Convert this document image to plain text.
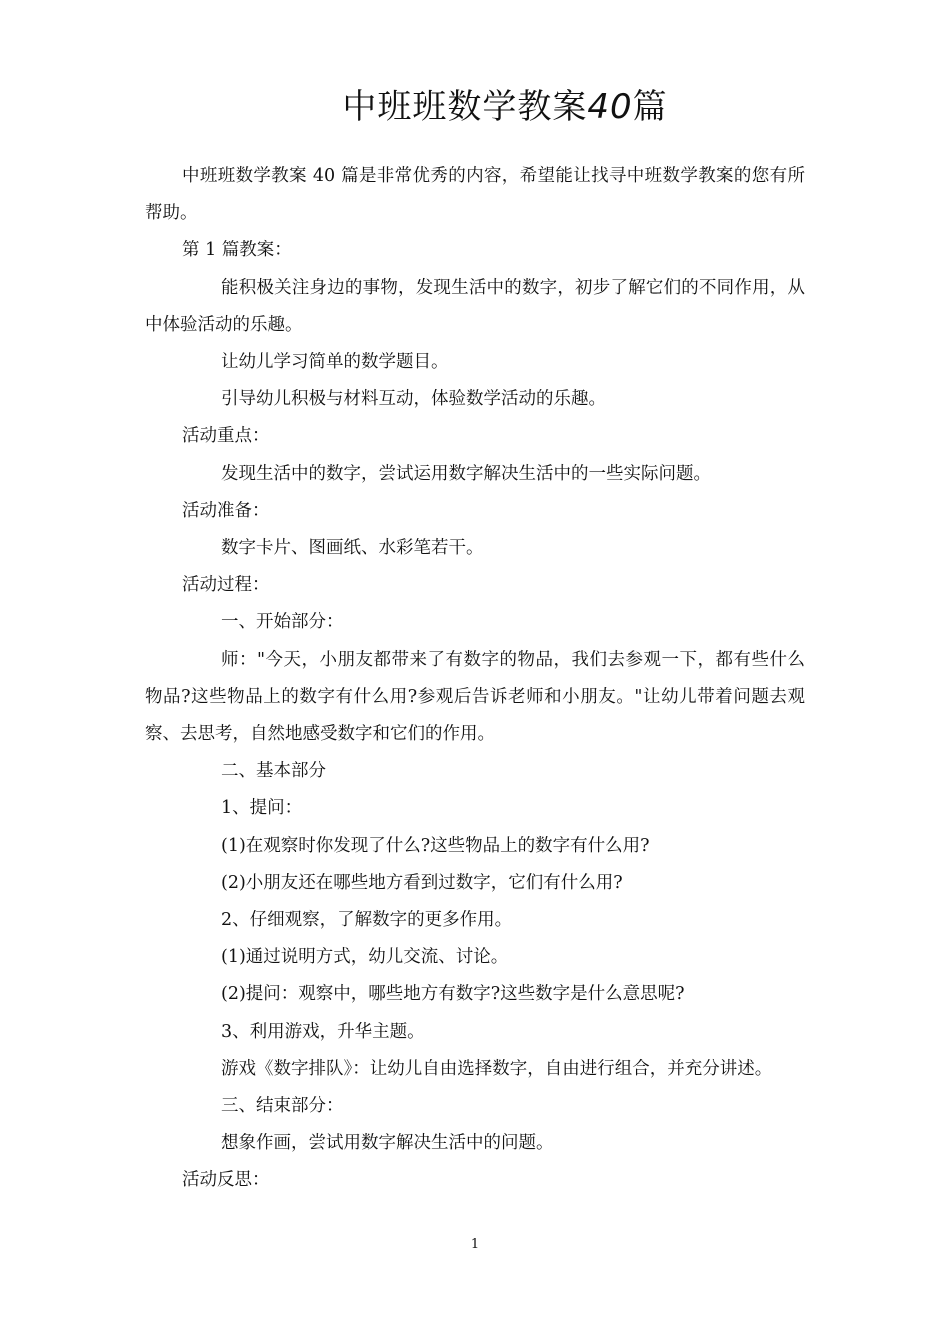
中班班数学教案40篇

中班班数学教案 40 篇是非常优秀的内容，希望能让找寻中班数学教案的您有所帮助。

第 1 篇教案：

能积极关注身边的事物，发现生活中的数字，初步了解它们的不同作用，从中体验活动的乐趣。

让幼儿学习简单的数学题目。

引导幼儿积极与材料互动，体验数学活动的乐趣。

活动重点：

发现生活中的数字，尝试运用数字解决生活中的一些实际问题。

活动准备：

数字卡片、图画纸、水彩笔若干。

活动过程：

一、开始部分：

师："今天，小朋友都带来了有数字的物品，我们去参观一下，都有些什么物品?这些物品上的数字有什么用?参观后告诉老师和小朋友。"让幼儿带着问题去观察、去思考，自然地感受数字和它们的作用。

二、基本部分

1、提问：

(1)在观察时你发现了什么?这些物品上的数字有什么用?

(2)小朋友还在哪些地方看到过数字，它们有什么用?

2、仔细观察，了解数字的更多作用。

(1)通过说明方式，幼儿交流、讨论。

(2)提问：观察中，哪些地方有数字?这些数字是什么意思呢?

3、利用游戏，升华主题。

游戏《数字排队》：让幼儿自由选择数字，自由进行组合，并充分讲述。

三、结束部分：

想象作画，尝试用数字解决生活中的问题。

活动反思：

1
